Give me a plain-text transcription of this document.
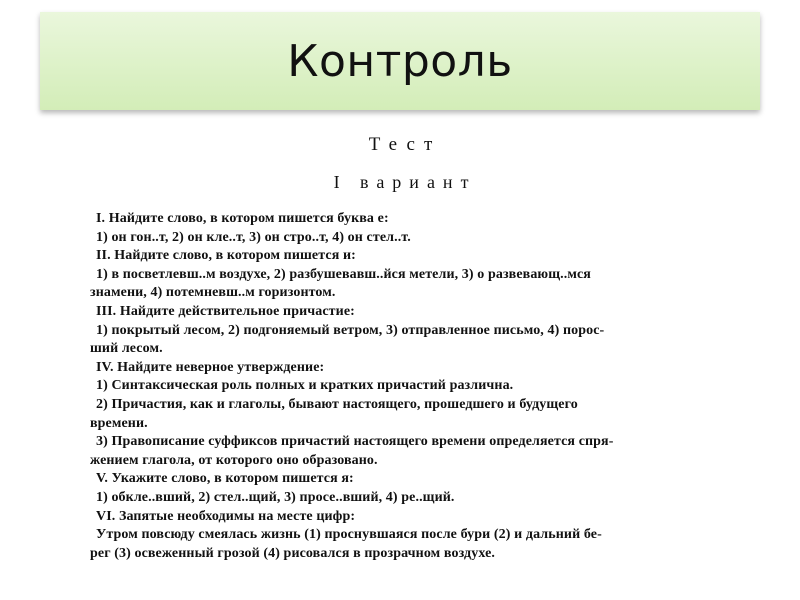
Контроль
Тест
I вариант
I. Найдите слово, в котором пишется буква е:
1) он гон..т, 2) он кле..т, 3) он стро..т, 4) он стел..т.
II. Найдите слово, в котором пишется и:
1) в посветлевш..м воздухе, 2) разбушевавш..йся метели, 3) о развевающ..мся
знамени, 4) потемневш..м горизонтом.
III. Найдите действительное причастие:
1) покрытый лесом, 2) подгоняемый ветром, 3) отправленное письмо, 4) порос-
ший лесом.
IV. Найдите неверное утверждение:
1) Синтаксическая роль полных и кратких причастий различна.
2) Причастия, как и глаголы, бывают настоящего, прошедшего и будущего
времени.
3) Правописание суффиксов причастий настоящего времени определяется спря-
жением глагола, от которого оно образовано.
V. Укажите слово, в котором пишется я:
1) обкле..вший, 2) стел..щий, 3) просе..вший, 4) ре..щий.
VI. Запятые необходимы на месте цифр:
Утром повсюду смеялась жизнь (1) проснувшаяся после бури (2) и дальний бе-
рег (3) освеженный грозой (4) рисовался в прозрачном воздухе.
